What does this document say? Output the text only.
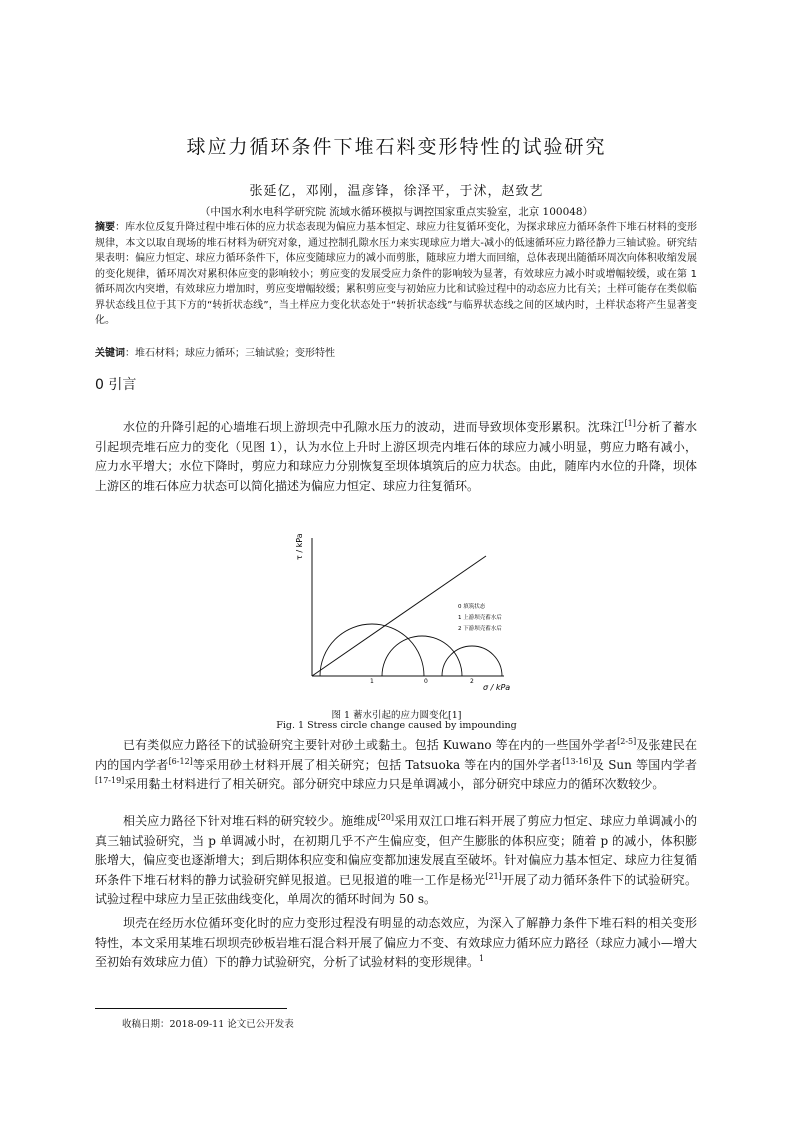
球应力循环条件下堆石料变形特性的试验研究
张延亿，邓刚，温彦锋，徐泽平，于沭，赵致艺
（中国水利水电科学研究院 流域水循环模拟与调控国家重点实验室，北京 100048）
摘要：库水位反复升降过程中堆石体的应力状态表现为偏应力基本恒定、球应力往复循环变化，为探求球应力循环条件下堆石材料的变形规律，本文以取自现场的堆石材料为研究对象，通过控制孔隙水压力来实现球应力增大-减小的低速循环应力路径静力三轴试验。研究结果表明：偏应力恒定、球应力循环条件下，体应变随球应力的减小而剪胀，随球应力增大而回缩，总体表现出随循环周次向体积收缩发展的变化规律，循环周次对累积体应变的影响较小；剪应变的发展受应力条件的影响较为显著，有效球应力减小时或增幅较缓，或在第 1 循环周次内突增，有效球应力增加时，剪应变增幅较缓；累积剪应变与初始应力比和试验过程中的动态应力比有关；土样可能存在类似临界状态线且位于其下方的“转折状态线”，当土样应力变化状态处于“转折状态线”与临界状态线之间的区域内时，土样状态将产生显著变化。
关键词：堆石材料；球应力循环；三轴试验；变形特性
0 引言

水位的升降引起的心墙堆石坝上游坝壳中孔隙水压力的波动，进而导致坝体变形累积。沈珠江[1]分析了蓄水引起坝壳堆石应力的变化（见图 1），认为水位上升时上游区坝壳内堆石体的球应力减小明显，剪应力略有减小，应力水平增大；水位下降时，剪应力和球应力分别恢复至坝体填筑后的应力状态。由此，随库内水位的升降，坝体上游区的堆石体应力状态可以简化描述为偏应力恒定、球应力往复循环。

τ / kPa
σ / kPa
1	0	2
0 填筑状态
1 上游坝壳蓄水后
2 下游坝壳蓄水后
图 1 蓄水引起的应力圆变化[1]
Fig. 1 Stress circle change caused by impounding

已有类似应力路径下的试验研究主要针对砂土或黏土。包括 Kuwano 等在内的一些国外学者[2-5]及张建民在内的国内学者[6-12]等采用砂土材料开展了相关研究；包括 Tatsuoka 等在内的国外学者[13-16]及 Sun 等国内学者[17-19]采用黏土材料进行了相关研究。部分研究中球应力只是单调减小，部分研究中球应力的循环次数较少。

相关应力路径下针对堆石料的研究较少。施维成[20]采用双江口堆石料开展了剪应力恒定、球应力单调减小的真三轴试验研究，当 p 单调减小时，在初期几乎不产生偏应变，但产生膨胀的体积应变；随着 p 的减小，体积膨胀增大，偏应变也逐渐增大；到后期体积应变和偏应变都加速发展直至破坏。针对偏应力基本恒定、球应力往复循环条件下堆石材料的静力试验研究鲜见报道。已见报道的唯一工作是杨光[21]开展了动力循环条件下的试验研究。试验过程中球应力呈正弦曲线变化，单周次的循环时间为 50 s。

坝壳在经历水位循环变化时的应力变形过程没有明显的动态效应，为深入了解静力条件下堆石料的相关变形特性，本文采用某堆石坝坝壳砂板岩堆石混合料开展了偏应力不变、有效球应力循环应力路径（球应力减小—增大至初始有效球应力值）下的静力试验研究，分析了试验材料的变形规律。$^1$

收稿日期：2018-09-11 论文已公开发表
